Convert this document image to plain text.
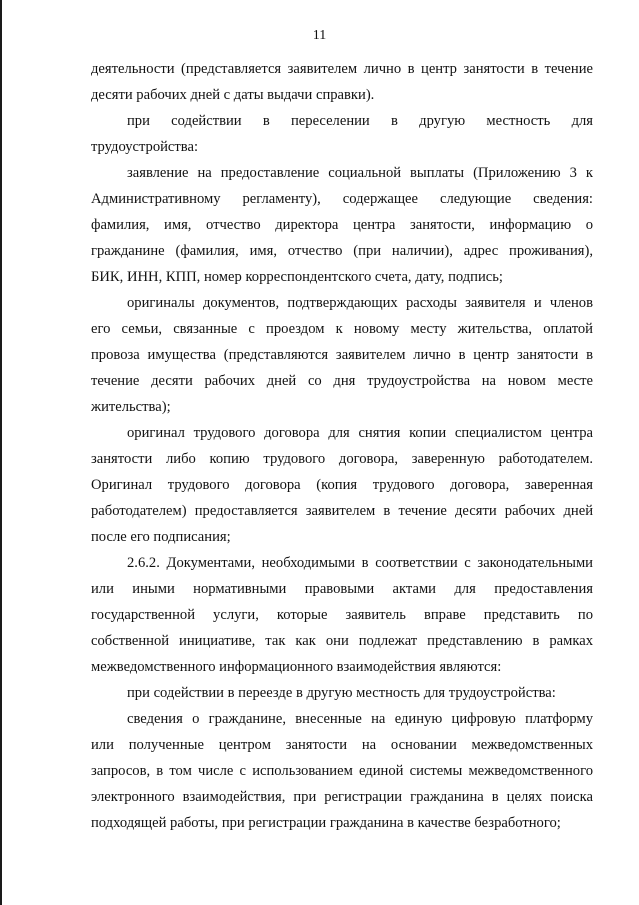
11
деятельности (представляется заявителем лично в центр занятости в течение
десяти рабочих дней с даты выдачи справки).
при содействии в переселении в другую местность для
трудоустройства:
заявление на предоставление социальной выплаты (Приложению 3 к
Административному регламенту), содержащее следующие сведения:
фамилия, имя, отчество директора центра занятости, информацию о
гражданине (фамилия, имя, отчество (при наличии), адрес проживания),
БИК, ИНН, КПП, номер корреспондентского счета, дату, подпись;
оригиналы документов, подтверждающих расходы заявителя и членов
его семьи, связанные с проездом к новому месту жительства, оплатой
провоза имущества (представляются заявителем лично в центр занятости в
течение десяти рабочих дней со дня трудоустройства на новом месте
жительства);
оригинал трудового договора для снятия копии специалистом центра
занятости либо копию трудового договора, заверенную работодателем.
Оригинал трудового договора (копия трудового договора, заверенная
работодателем) предоставляется заявителем в течение десяти рабочих дней
после его подписания;
2.6.2. Документами, необходимыми в соответствии с законодательными
или иными нормативными правовыми актами для предоставления
государственной услуги, которые заявитель вправе представить по
собственной инициативе, так как они подлежат представлению в рамках
межведомственного информационного взаимодействия являются:
при содействии в переезде в другую местность для трудоустройства:
сведения о гражданине, внесенные на единую цифровую платформу
или полученные центром занятости на основании межведомственных
запросов, в том числе с использованием единой системы межведомственного
электронного взаимодействия, при регистрации гражданина в целях поиска
подходящей работы, при регистрации гражданина в качестве безработного;
